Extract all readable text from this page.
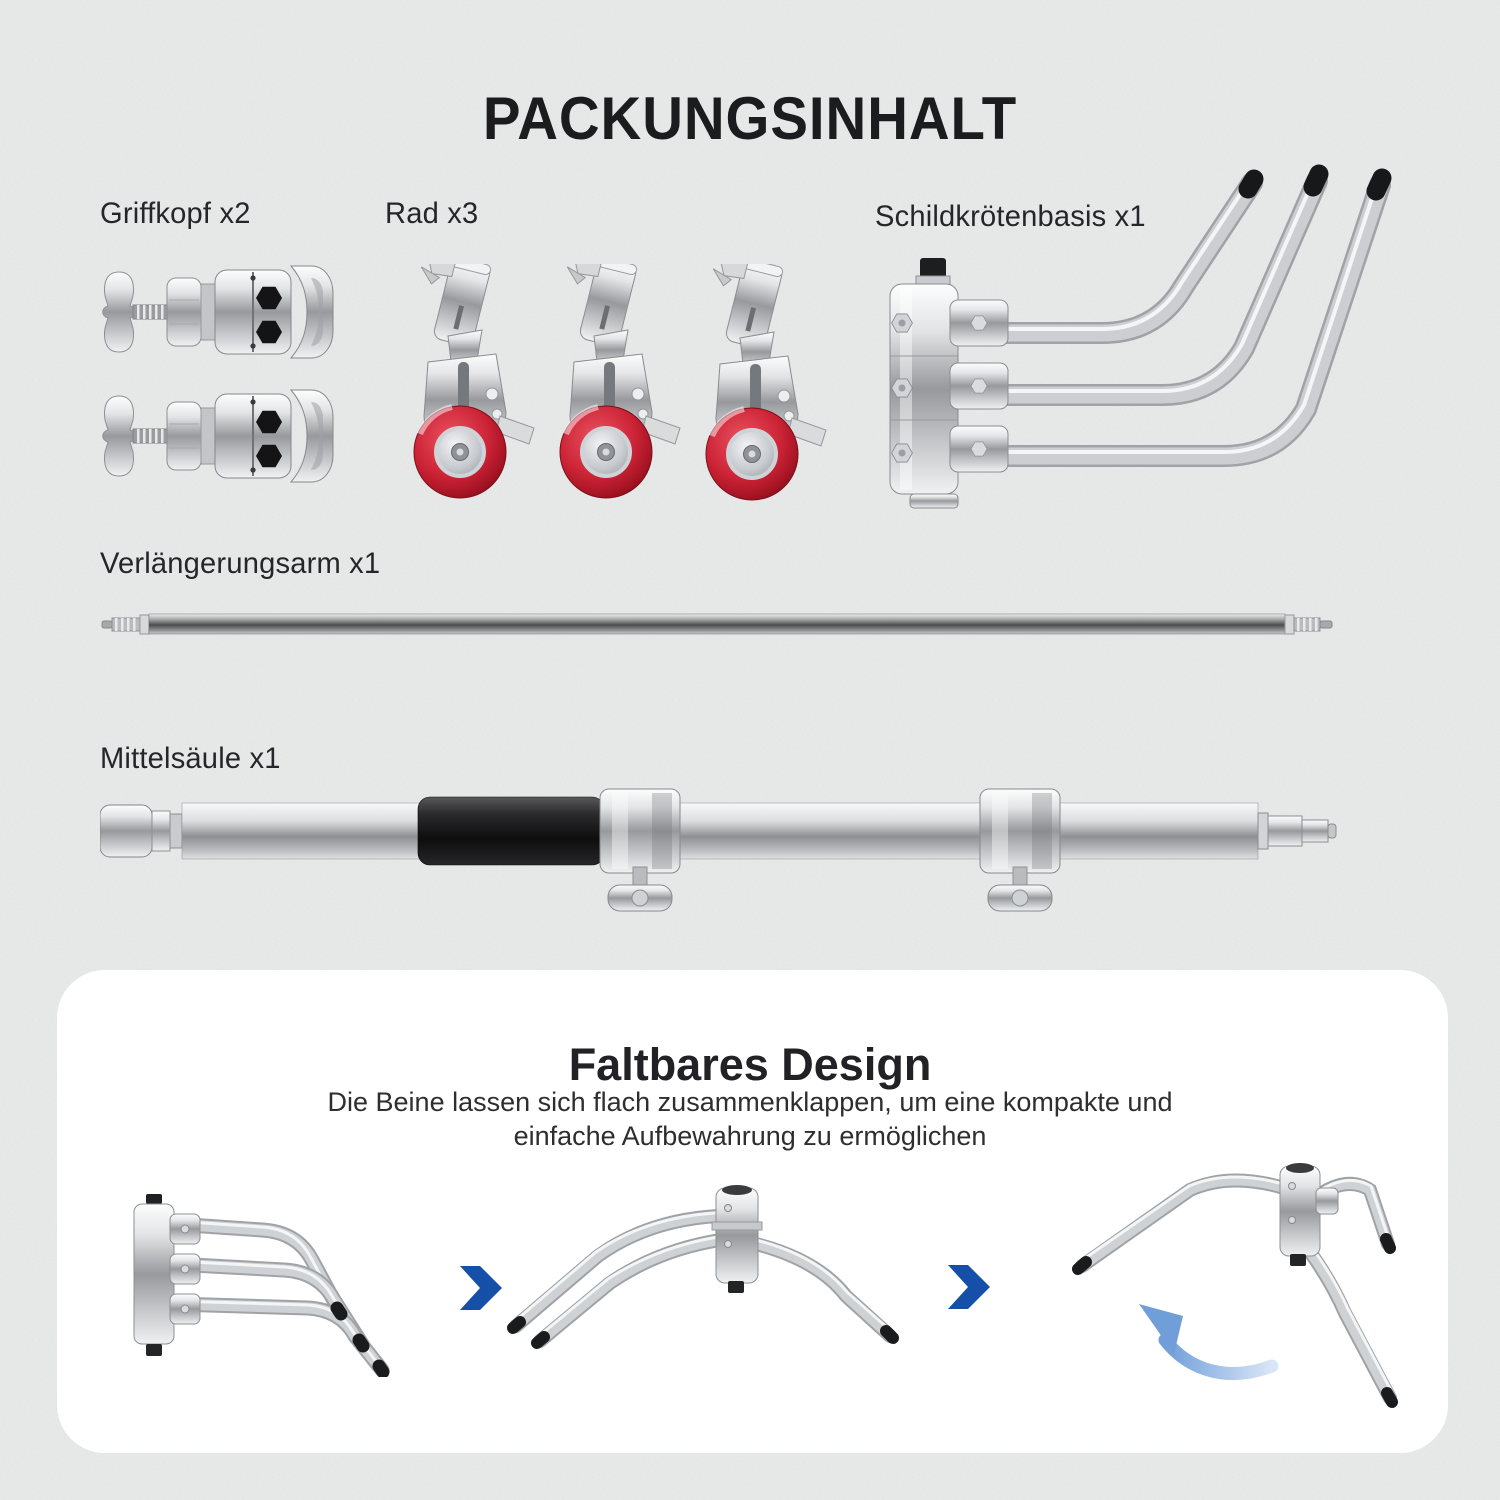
PACKUNGSINHALT
Griffkopf x2	Rad x3	Schildkrötenbasis x1
Verlängerungsarm x1
Mittelsäule x1
Faltbares Design
Die Beine lassen sich flach zusammenklappen, um eine kompakte und
einfache Aufbewahrung zu ermöglichen
